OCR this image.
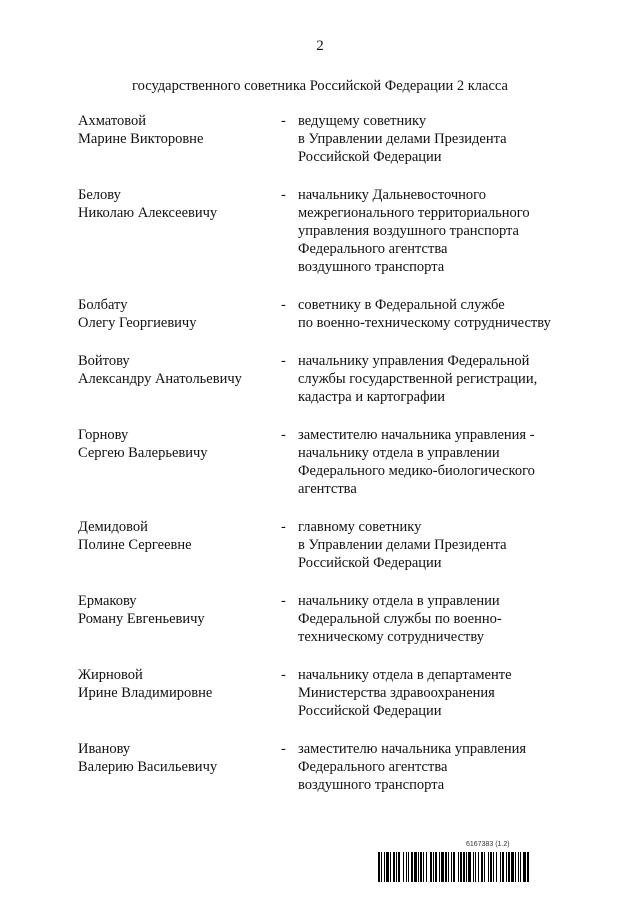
2
государственного советника Российской Федерации 2 класса
Ахматовой
Марине Викторовне
- ведущему советнику
в Управлении делами Президента
Российской Федерации
Белову
Николаю Алексеевичу
- начальнику Дальневосточного
межрегионального территориального
управления воздушного транспорта
Федерального агентства
воздушного транспорта
Болбату
Олегу Георгиевичу
- советнику в Федеральной службе
по военно-техническому сотрудничеству
Войтову
Александру Анатольевичу
- начальнику управления Федеральной
службы государственной регистрации,
кадастра и картографии
Горнову
Сергею Валерьевичу
- заместителю начальника управления -
начальнику отдела в управлении
Федерального медико-биологического
агентства
Демидовой
Полине Сергеевне
- главному советнику
в Управлении делами Президента
Российской Федерации
Ермакову
Роману Евгеньевичу
- начальнику отдела в управлении
Федеральной службы по военно-
техническому сотрудничеству
Жирновой
Ирине Владимировне
- начальнику отдела в департаменте
Министерства здравоохранения
Российской Федерации
Иванову
Валерию Васильевичу
- заместителю начальника управления
Федерального агентства
воздушного транспорта
6167383 (1.2)
